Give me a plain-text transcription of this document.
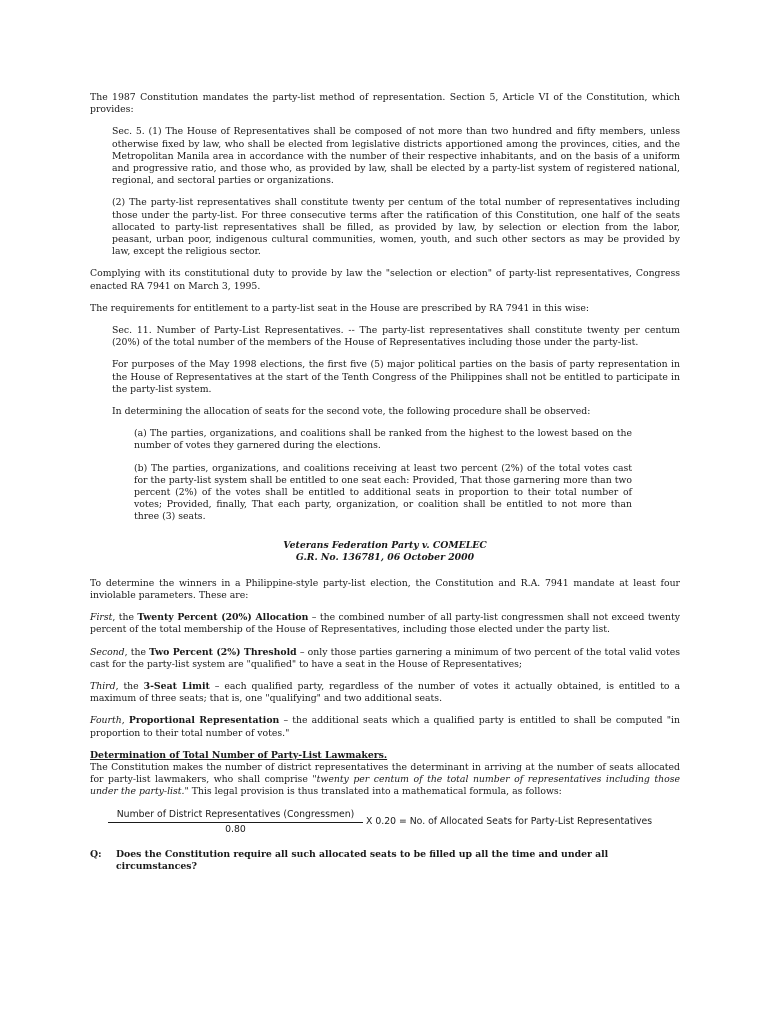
The 1987 Constitution mandates the party-list method of representation. Section 5, Article VI of the Constitution, which provides:

Sec. 5. (1) The House of Representatives shall be composed of not more than two hundred and fifty members, unless otherwise fixed by law, who shall be elected from legislative districts apportioned among the provinces, cities, and the Metropolitan Manila area in accordance with the number of their respective inhabitants, and on the basis of a uniform and progressive ratio, and those who, as provided by law, shall be elected by a party-list system of registered national, regional, and sectoral parties or organizations.

(2) The party-list representatives shall constitute twenty per centum of the total number of representatives including those under the party-list. For three consecutive terms after the ratification of this Constitution, one half of the seats allocated to party-list representatives shall be filled, as provided by law, by selection or election from the labor, peasant, urban poor, indigenous cultural communities, women, youth, and such other sectors as may be provided by law, except the religious sector.

Complying with its constitutional duty to provide by law the "selection or election" of party-list representatives, Congress enacted RA 7941 on March 3, 1995.

The requirements for entitlement to a party-list seat in the House are prescribed by RA 7941 in this wise:

Sec. 11. Number of Party-List Representatives. -- The party-list representatives shall constitute twenty per centum (20%) of the total number of the members of the House of Representatives including those under the party-list.

For purposes of the May 1998 elections, the first five (5) major political parties on the basis of party representation in the House of Representatives at the start of the Tenth Congress of the Philippines shall not be entitled to participate in the party-list system.

In determining the allocation of seats for the second vote, the following procedure shall be observed:

(a) The parties, organizations, and coalitions shall be ranked from the highest to the lowest based on the number of votes they garnered during the elections.

(b) The parties, organizations, and coalitions receiving at least two percent (2%) of the total votes cast for the party-list system shall be entitled to one seat each: Provided, That those garnering more than two percent (2%) of the votes shall be entitled to additional seats in proportion to their total number of votes; Provided, finally, That each party, organization, or coalition shall be entitled to not more than three (3) seats.

Veterans Federation Party v. COMELEC
G.R. No. 136781, 06 October 2000

To determine the winners in a Philippine-style party-list election, the Constitution and R.A. 7941 mandate at least four inviolable parameters. These are:

First, the Twenty Percent (20%) Allocation – the combined number of all party-list congressmen shall not exceed twenty percent of the total membership of the House of Representatives, including those elected under the party list.

Second, the Two Percent (2%) Threshold – only those parties garnering a minimum of two percent of the total valid votes cast for the party-list system are "qualified" to have a seat in the House of Representatives;

Third, the 3-Seat Limit – each qualified party, regardless of the number of votes it actually obtained, is entitled to a maximum of three seats; that is, one "qualifying" and two additional seats.

Fourth, Proportional Representation – the additional seats which a qualified party is entitled to shall be computed "in proportion to their total number of votes."

Determination of Total Number of Party-List Lawmakers.

The Constitution makes the number of district representatives the determinant in arriving at the number of seats allocated for party-list lawmakers, who shall comprise "twenty per centum of the total number of representatives including those under the party-list." This legal provision is thus translated into a mathematical formula, as follows:

Number of District Representatives (Congressmen)
0.80
X 0.20 = No. of Allocated Seats for Party-List Representatives
Q:	Does the Constitution require all such allocated seats to be filled up all the time and under all circumstances?
